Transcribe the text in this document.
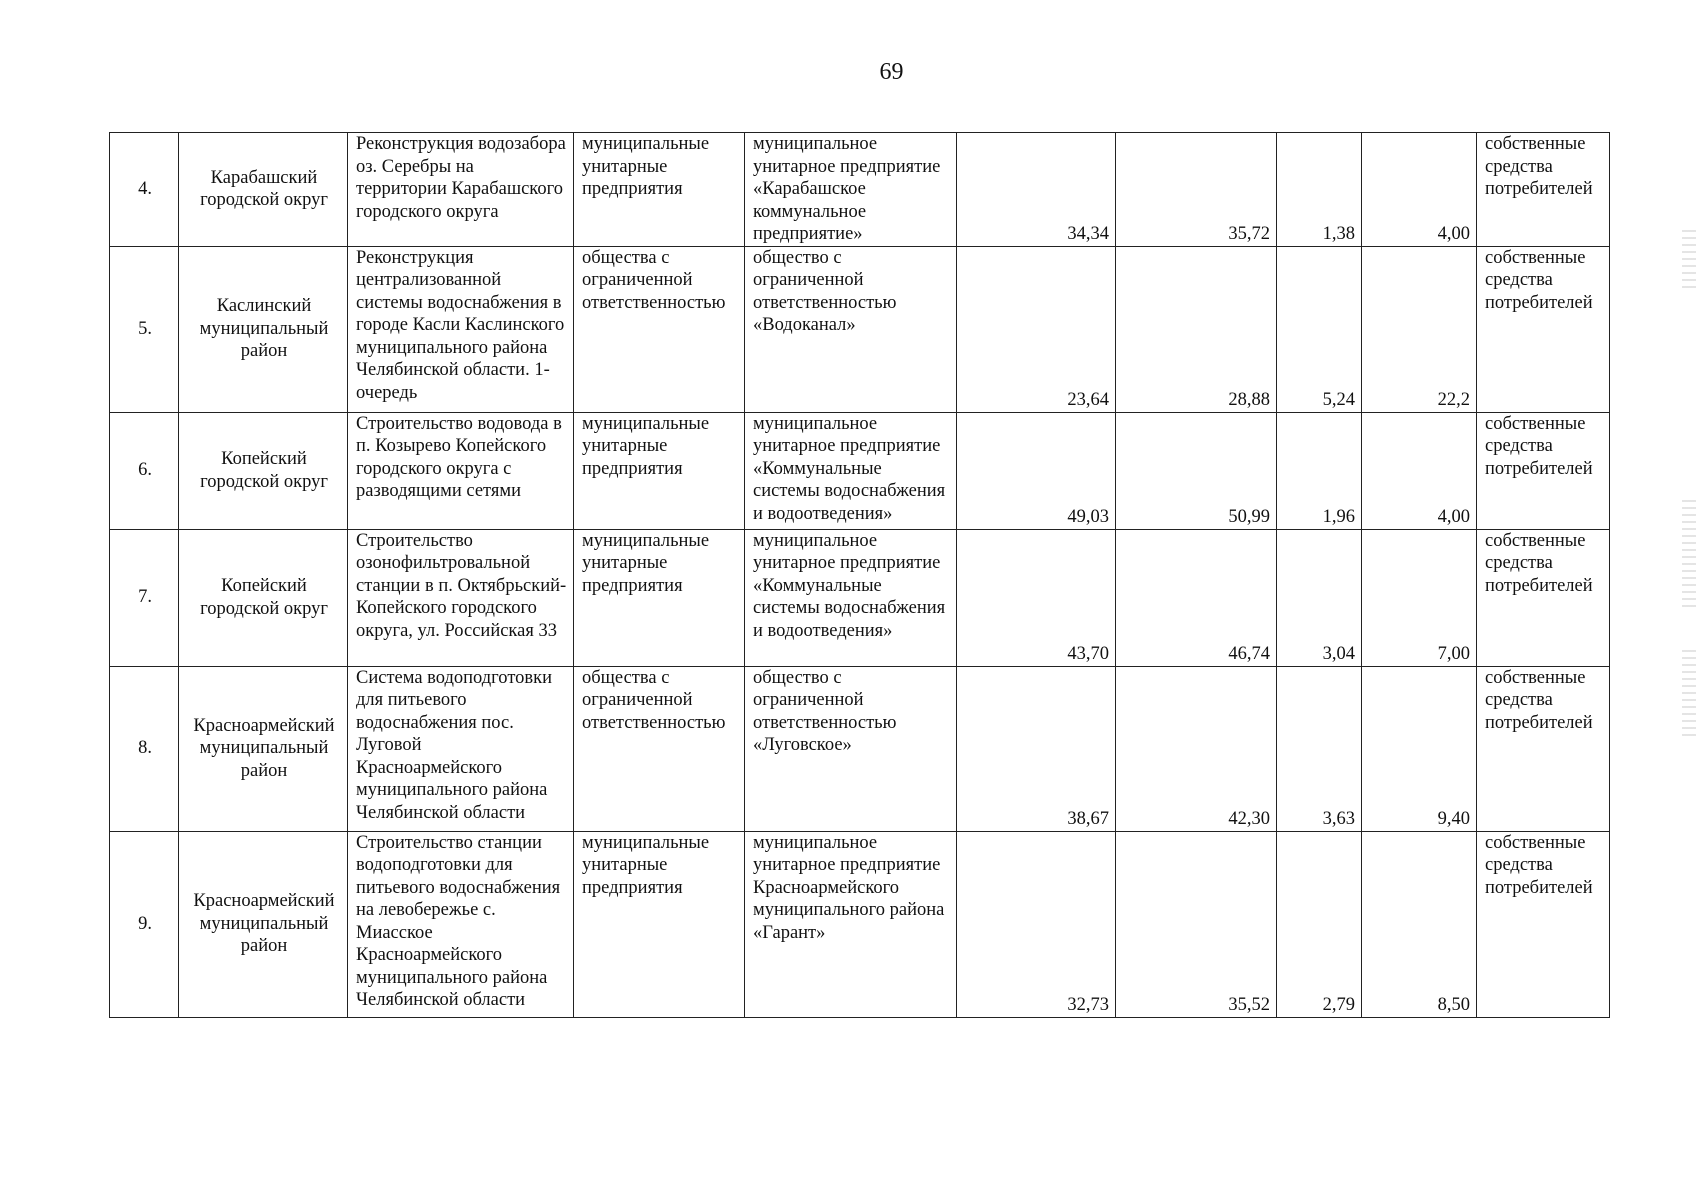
69
4.	Карабашский городской округ	Реконструкция водозабора оз. Серебры на территории Карабашского городского округа	муниципальные унитарные предприятия	муниципальное унитарное предприятие «Карабашское коммунальное предприятие»	34,34	35,72	1,38	4,00	собственные средства потребителей
5.	Каслинский муниципальный район	Реконструкция централизованной системы водоснабжения в городе Касли Каслинского муниципального района Челябинской области. 1-очередь	общества с ограниченной ответственностью	общество с ограниченной ответственностью «Водоканал»	23,64	28,88	5,24	22,2	собственные средства потребителей
6.	Копейский городской округ	Строительство водовода в п. Козырево Копейского городского округа с разводящими сетями	муниципальные унитарные предприятия	муниципальное унитарное предприятие «Коммунальные системы водоснабжения и водоотведения»	49,03	50,99	1,96	4,00	собственные средства потребителей
7.	Копейский городской округ	Строительство озонофильтровальной станции в п. Октябрьский-Копейского городского округа, ул. Российская 33	муниципальные унитарные предприятия	муниципальное унитарное предприятие «Коммунальные системы водоснабжения и водоотведения»	43,70	46,74	3,04	7,00	собственные средства потребителей
8.	Красноармейский муниципальный район	Система водоподготовки для питьевого водоснабжения пос. Луговой Красноармейского муниципального района Челябинской области	общества с ограниченной ответственностью	общество с ограниченной ответственностью «Луговское»	38,67	42,30	3,63	9,40	собственные средства потребителей
9.	Красноармейский муниципальный район	Строительство станции водоподготовки для питьевого водоснабжения на левобережье с. Миасское Красноармейского муниципального района Челябинской области	муниципальные унитарные предприятия	муниципальное унитарное предприятие Красноармейского муниципального района «Гарант»	32,73	35,52	2,79	8,50	собственные средства потребителей
